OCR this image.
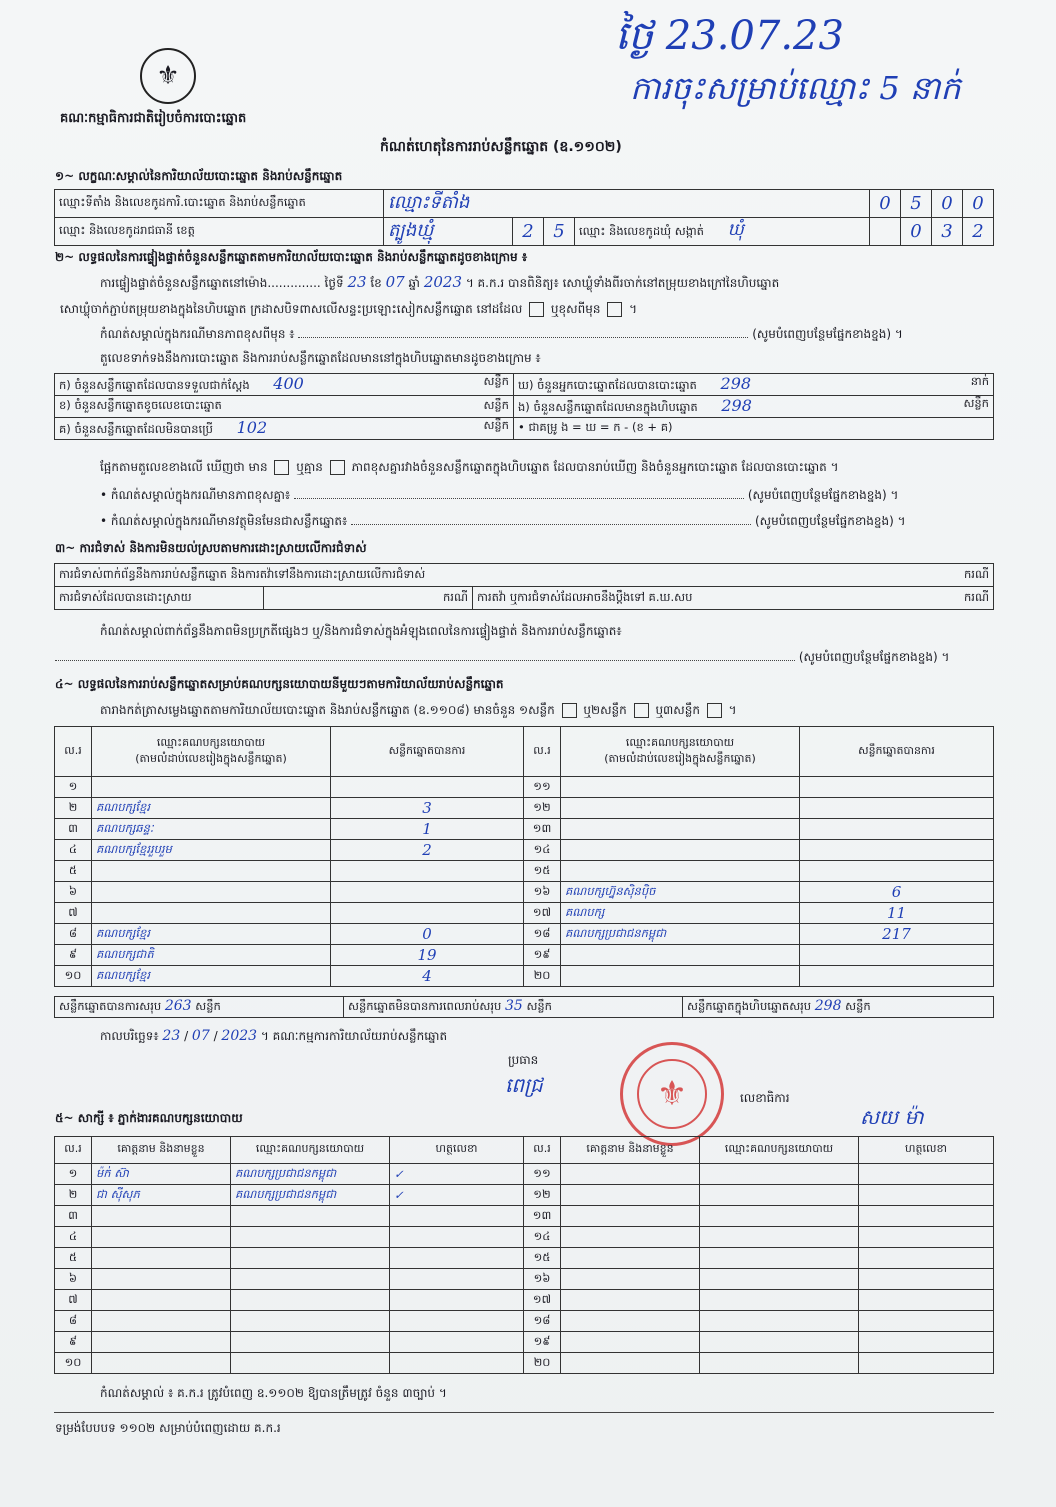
ថ្ងៃ 23.07.23
ការចុះសម្រាប់ឈ្មោះ 5 នាក់
⚜
គណៈកម្មាធិការជាតិរៀបចំការបោះឆ្នោត
កំណត់ហេតុនៃការរាប់សន្លឹកឆ្នោត (ឧ.១១០២)
១~ លក្ខណៈសម្គាល់នៃការិយាល័យបោះឆ្នោត និងរាប់សន្លឹកឆ្នោត
ឈ្មោះទីតាំង និងលេខកូដការិ.បោះឆ្នោត និងរាប់សន្លឹកឆ្នោត	ឈ្មោះទីតាំង				0	5	0	0
ឈ្មោះ និងលេខកូដរាជធានី ខេត្ត	ត្បូងឃ្មុំ	2	5	ឈ្មោះ និងលេខកូដឃុំ សង្កាត់ ឃុំ		0	3	2
២~ លទ្ធផលនៃការផ្ទៀងផ្ទាត់ចំនួនសន្លឹកឆ្នោតតាមការិយាល័យបោះឆ្នោត និងរាប់សន្លឹកឆ្នោតដូចខាងក្រោម ៖
ការផ្ទៀងផ្ទាត់ចំនួនសន្លឹកឆ្នោតនៅម៉ោង.............. ថ្ងៃទី 23 ខែ 07 ឆ្នាំ 2023 ។ គ.ក.រ បានពិនិត្យ៖ សោឃ្លុំទាំងពីរចាក់នៅតម្រុយខាងក្រៅនៃហិបឆ្នោត
សោឃ្លុំចាក់ភ្ជាប់តម្រុយខាងក្នុងនៃហិបឆ្នោត ក្រដាសបិទពាសលើសន្ទះប្រឡោះសៀកសន្លឹកឆ្នោត នៅដដែល ឬខុសពីមុន  ។
កំណត់សម្គាល់ក្នុងករណីមានភាពខុសពីមុន ៖	(សូមបំពេញបន្ថែមផ្នែកខាងខ្នង) ។
តួលេខទាក់ទងនឹងការបោះឆ្នោត និងការរាប់សន្លឹកឆ្នោតដែលមាននៅក្នុងហិបឆ្នោតមានដូចខាងក្រោម ៖
ក) ចំនួនសន្លឹកឆ្នោតដែលបានទទួលជាក់ស្តែង 400 សន្លឹក	ឃ) ចំនួនអ្នកបោះឆ្នោតដែលបានបោះឆ្នោត 298 នាក់

ខ) ចំនួនសន្លឹកឆ្នោតខូចលេខបោះឆ្នោត សន្លឹក	ង) ចំនួនសន្លឹកឆ្នោតដែលមានក្នុងហិបឆ្នោត 298 សន្លឹក

គ) ចំនួនសន្លឹកឆ្នោតដែលមិនបានប្រើ 102 សន្លឹក	• ជាគម្រូ ង = ឃ = ក - (ខ + គ)
ផ្អែកតាមតួលេខខាងលើ ឃើញថា មាន ឬគ្មាន ភាពខុសគ្នារវាងចំនួនសន្លឹកឆ្នោតក្នុងហិបឆ្នោត ដែលបានរាប់ឃើញ និងចំនួនអ្នកបោះឆ្នោត ដែលបានបោះឆ្នោត ។
• កំណត់សម្គាល់ក្នុងករណីមានភាពខុសគ្នា៖	(សូមបំពេញបន្ថែមផ្នែកខាងខ្នង) ។
• កំណត់សម្គាល់ក្នុងករណីមានវត្ថុមិនមែនជាសន្លឹកឆ្នោត៖	(សូមបំពេញបន្ថែមផ្នែកខាងខ្នង) ។
៣~ ការជំទាស់ និងការមិនយល់ស្របតាមការដោះស្រាយលើការជំទាស់
ការជំទាស់ពាក់ព័ន្ធនឹងការរាប់សន្លឹកឆ្នោត និងការតវ៉ាទៅនឹងការដោះស្រាយលើការជំទាស់	ករណី

ការជំទាស់ដែលបានដោះស្រាយ	ករណី	ការតវ៉ា ឬការជំទាស់ដែលអាចនឹងប្តឹងទៅ គ.ឃ.សប	ករណី
កំណត់សម្គាល់ពាក់ព័ន្ធនឹងភាពមិនប្រក្រតីផ្សេងៗ ឬ/និងការជំទាស់ក្នុងអំឡុងពេលនៃការផ្ទៀងផ្ទាត់ និងការរាប់សន្លឹកឆ្នោត៖
(សូមបំពេញបន្ថែមផ្នែកខាងខ្នង) ។
៤~ លទ្ធផលនៃការរាប់សន្លឹកឆ្នោតសម្រាប់គណបក្សនយោបាយនីមួយៗតាមការិយាល័យរាប់សន្លឹកឆ្នោត
តារាងកត់ត្រាសម្លេងឆ្នោតតាមការិយាល័យបោះឆ្នោត និងរាប់សន្លឹកឆ្នោត (ឧ.១១០៨) មានចំនួន ១សន្លឹក ឬ២សន្លឹក ឬ៣សន្លឹក  ។
ល.រ	ឈ្មោះគណបក្សនយោបាយ
(តាមលំដាប់លេខរៀងក្នុងសន្លឹកឆ្នោត)	សន្លឹកឆ្នោតបានការ
១		
២	គណបក្សខ្មែរ	3
៣	គណបក្សឆន្ទៈ	1
៤	គណបក្សខ្មែររួបរួម	2
៥		
៦		
៧		
៨	គណបក្សខ្មែរ	0
៩	គណបក្សជាតិ	19
១០	គណបក្សខ្មែរ	4
ល.រ	ឈ្មោះគណបក្សនយោបាយ
(តាមលំដាប់លេខរៀងក្នុងសន្លឹកឆ្នោត)	សន្លឹកឆ្នោតបានការ
១១		
១២		
១៣		
១៤		
១៥		
១៦	គណបក្សហ្វ៊ុនស៊ិនប៉ិច	6
១៧	គណបក្ស	11
១៨	គណបក្សប្រជាជនកម្ពុជា	217
១៩		
២០		
សន្លឹកឆ្នោតបានការសរុប 263 សន្លឹក	សន្លឹកឆ្នោតមិនបានការពេលរាប់សរុប 35 សន្លឹក	សន្លឹកឆ្នោតក្នុងហិបឆ្នោតសរុប 298 សន្លឹក
កាលបរិច្ឆេទ៖ 23 / 07 / 2023 ។ គណៈកម្មការការិយាល័យរាប់សន្លឹកឆ្នោត
ប្រធាន
ពេជ្រ	⚜	លេខាធិការ
សយ ម៉ា
៥~ សាក្សី ៖ ភ្នាក់ងារគណបក្សនយោបាយ
ល.រ	គោត្តនាម និងនាមខ្លួន	ឈ្មោះគណបក្សនយោបាយ	ហត្ថលេខា
១	ម៉ក់ ស៊ា	គណបក្សប្រជាជនកម្ពុជា	✓
២	ជា ស៊ីសុភ	គណបក្សប្រជាជនកម្ពុជា	✓
៣			
៤			
៥			
៦			
៧			
៨			
៩			
១០			
ល.រ	គោត្តនាម និងនាមខ្លួន	ឈ្មោះគណបក្សនយោបាយ	ហត្ថលេខា
១១			
១២			
១៣			
១៤			
១៥			
១៦			
១៧			
១៨			
១៩			
២០			
កំណត់សម្គាល់ ៖ គ.ក.រ ត្រូវបំពេញ ឧ.១១០២ ឱ្យបានត្រឹមត្រូវ ចំនួន ៣ច្បាប់ ។
ទម្រង់បែបបទ ១១០២ សម្រាប់បំពេញដោយ គ.ក.រ
